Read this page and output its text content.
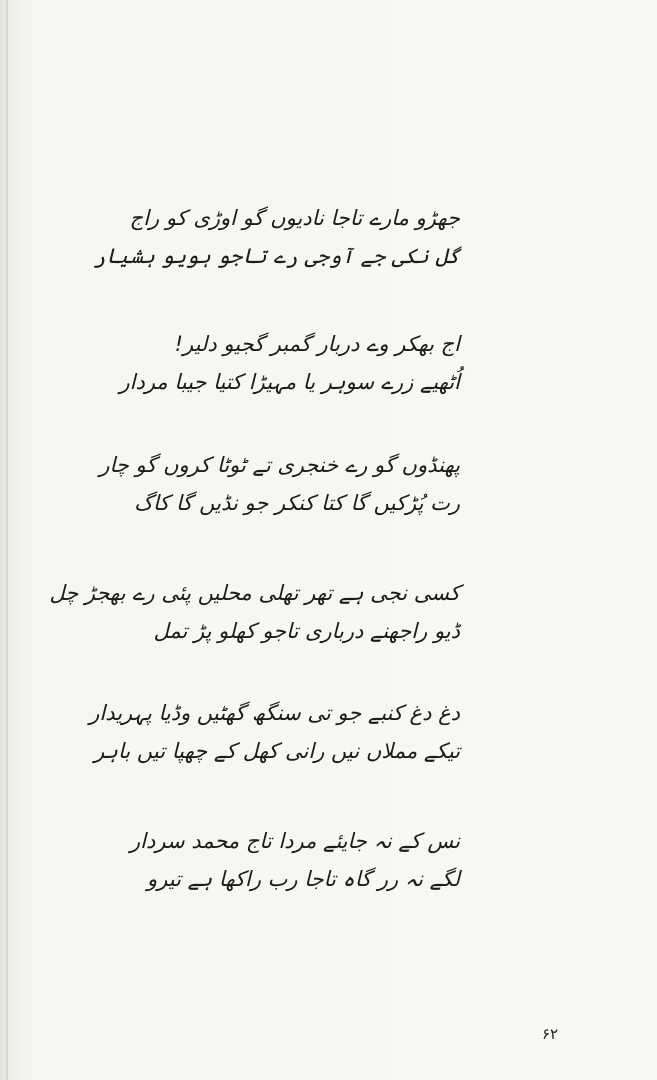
جھڑو مارے تاجا نادیوں گو اوڑی کو راج
گل نکی جے آوجی رے تاجو ہویو ہشیار
اج بھکر وے دربار گمبر گجیو دلیر!
اُٹھیے زرے سوہر یا مہیڑا کتیا جیبا مردار
پھنڈوں گو رے خنجری تے ٹوٹا کروں گو چار
رت پُڑکیں گا کتا کنکر جو نڈیں گا کاگ
کسی نجی ہے تھر تھلی محلیں پئی رے بھجڑ چل
ڈیو راجھنے درباری تاجو کھلو پڑ تمل
دغ دغ کنبے جو تی سنگھ گھٹیں وڈیا پہریدار
تیکے مملاں نیں رانی کھل کے چھپا تیں باہر
نس کے نہ جایئے مردا تاج محمد سردار
لگے نہ رر گاہ تاجا رب راکھا ہے تیرو
۶۲
